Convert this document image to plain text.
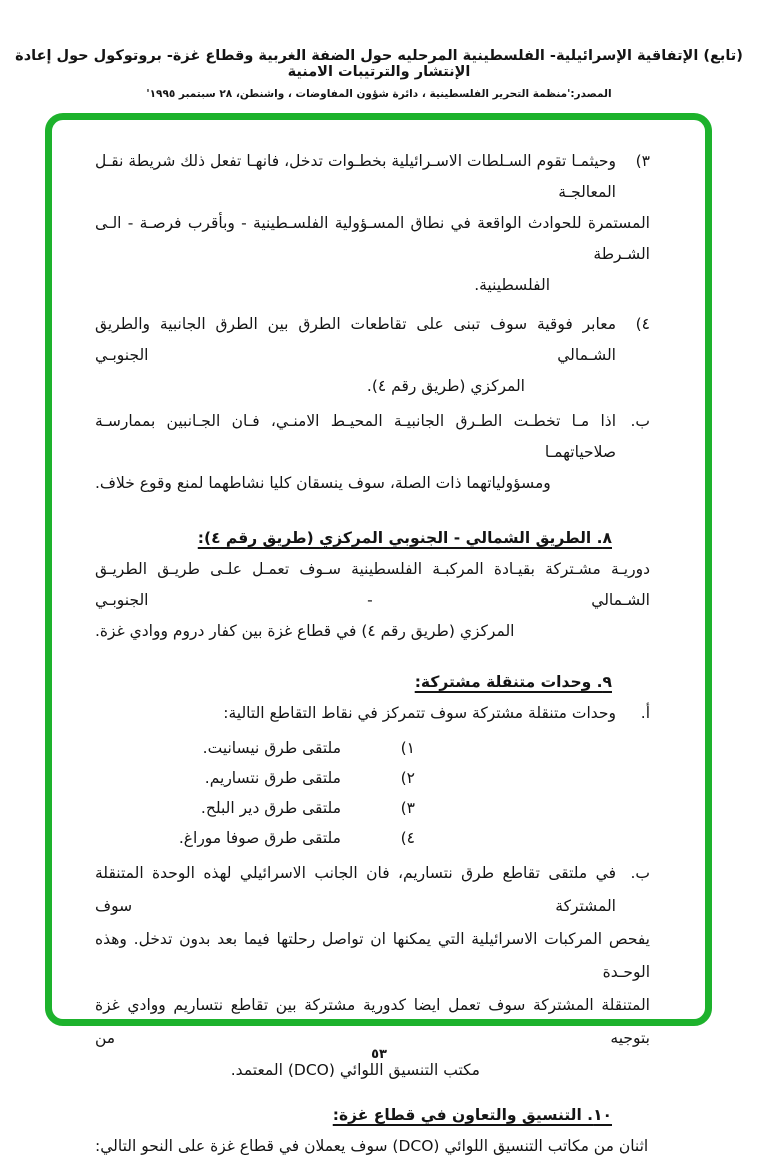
(تابع) الإتفاقية الإسرائيلية- الفلسطينية المرحليه حول الضفة الغربية وقطاع غزة- بروتوكول حول إعادة الإنتشار والترتيبات الامنية
المصدر:'منظمة التحرير الفلسطينية ، دائرة شؤون المفاوضات ، واشنطن، ٢٨ سبتمبر ١٩٩٥'
٣)
وحيثمـا تقوم السـلطات الاسـرائيلية بخطـوات تدخل، فانهـا تفعل ذلك شريطة نقـل المعالجـة
المستمرة للحوادث الواقعة في نطاق المسـؤولية الفلسـطينية - وبأقرب فرصـة - الـى الشـرطة
الفلسطينية.
٤)
معابر فوقية سوف تبنى على تقاطعات الطرق بين الطرق الجانبية والطريق الشـمالي الجنوبـي
المركزي (طريق رقم ٤).
ب.
اذا مـا تخطـت الطـرق الجانبيـة المحيـط الامنـي، فـان الجـانبين بممارسـة صلاحياتهمـا
ومسؤولياتهما ذات الصلة، سوف ينسقان كليا نشاطهما لمنع وقوع خلاف.
٨. الطريق الشمالي - الجنوبي المركزي (طريق رقم ٤):
دوريـة مشـتركة بقيـادة المركبـة الفلسطينية سـوف تعمـل علـى طريـق الطريـق الشـمالي - الجنوبـي
المركزي (طريق رقم ٤) في قطاع غزة بين كفار دروم ووادي غزة.
٩. وحدات متنقلة مشتركة:
أ.
وحدات متنقلة مشتركة سوف تتمركز في نقاط التقاطع التالية:
١)
ملتقى طرق نيسانيت.
٢)
ملتقى طرق نتساريم.
٣)
ملتقى طرق دير البلح.
٤)
ملتقى طرق صوفا موراغ.
ب.
في ملتقى تقاطع طرق نتساريم، فان الجانب الاسرائيلي لهذه الوحدة المتنقلة المشتركة سوف
يفحص المركبات الاسرائيلية التي يمكنها ان تواصل رحلتها فيما بعد بدون تدخل. وهذه الوحـدة
المتنقلة المشتركة سوف تعمل ايضا كدورية مشتركة بين تقاطع نتساريم ووادي غزة بتوجيه من
مكتب التنسيق اللوائي (DCO) المعتمد.
١٠. التنسيق والتعاون في قطاع غزة:
اثنان من مكاتب التنسيق اللوائي (DCO) سوف يعملان في قطاع غزة على النحو التالي:
٥٣
